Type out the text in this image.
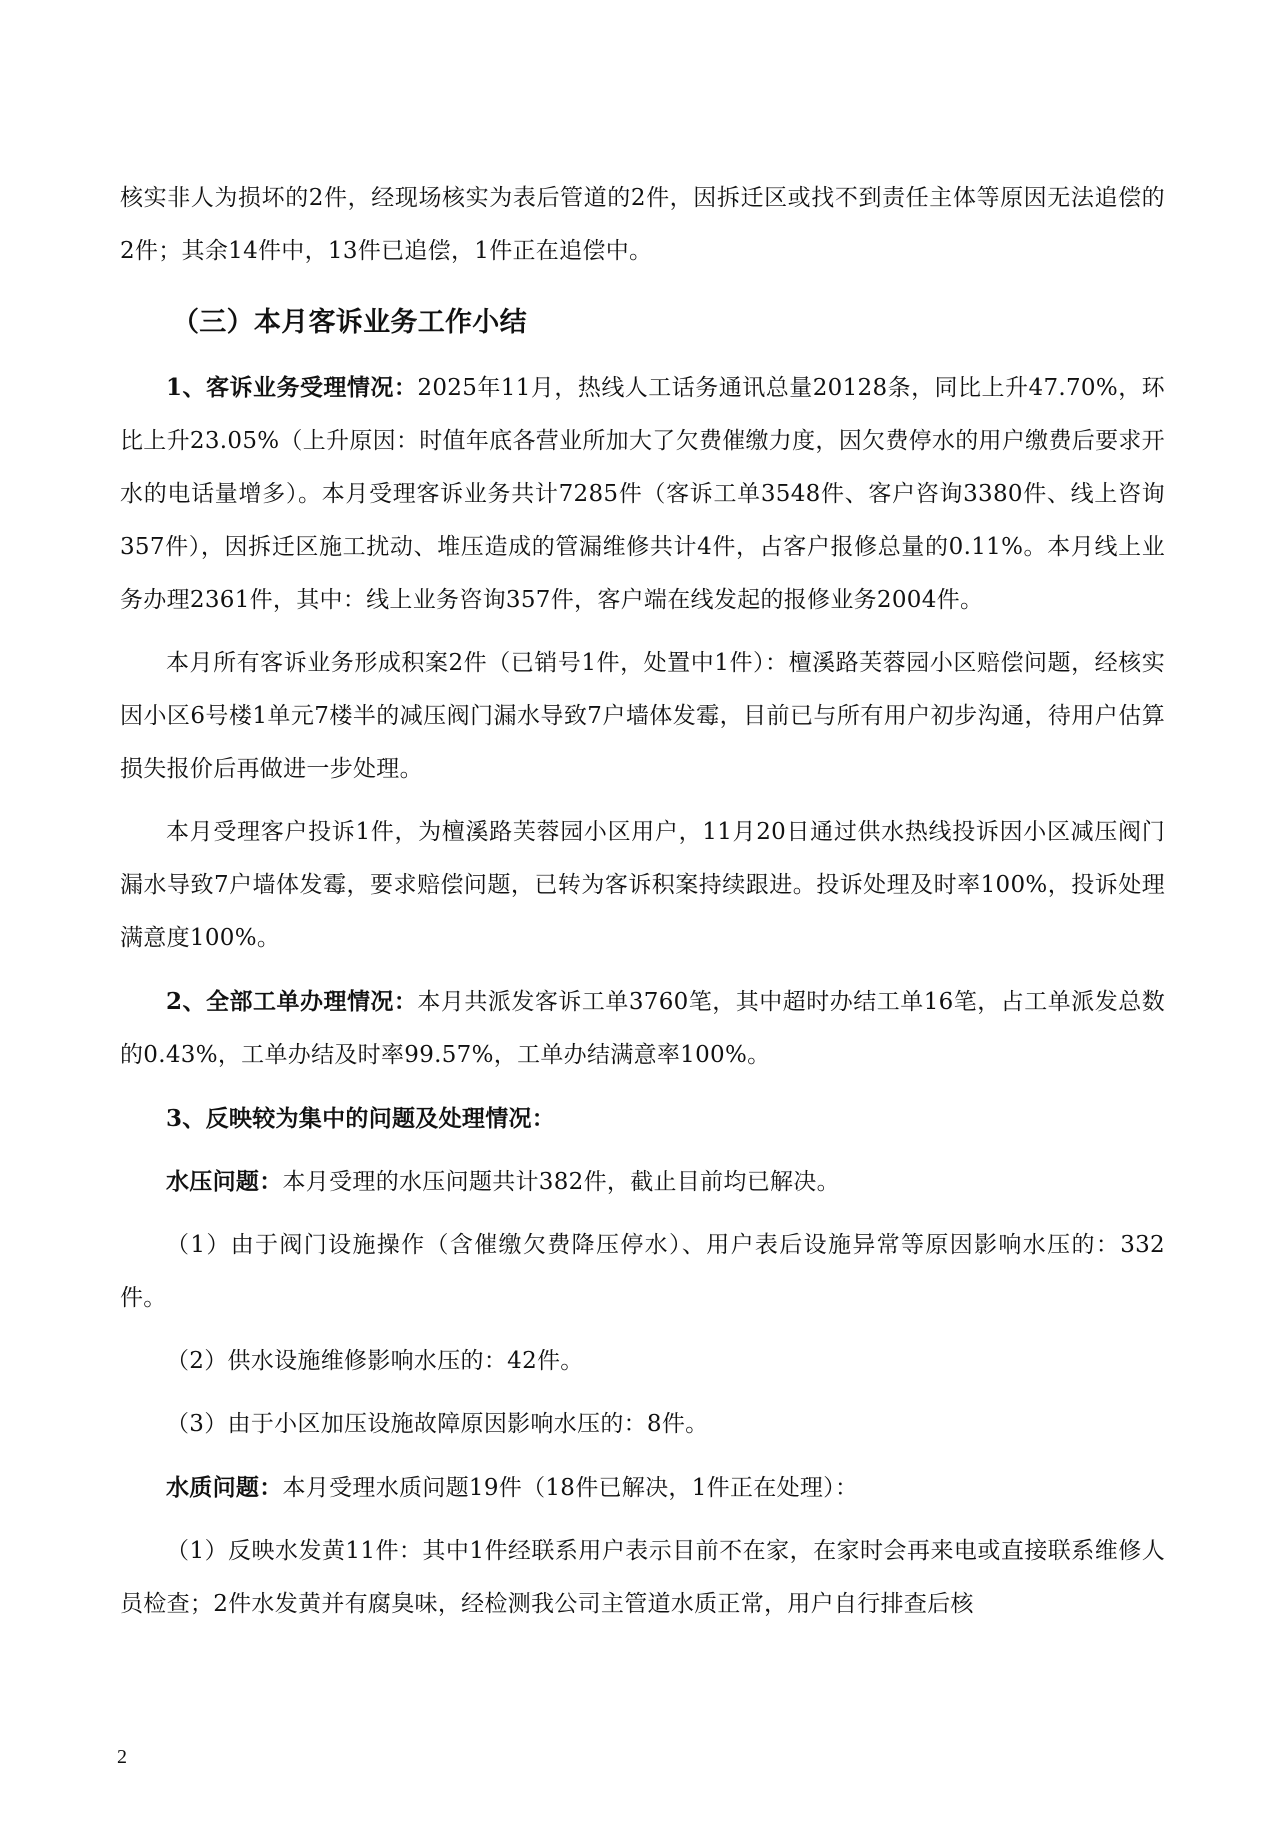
核实非人为损坏的2件，经现场核实为表后管道的2件，因拆迁区或找不到责任主体等原因无法追偿的2件；其余14件中，13件已追偿，1件正在追偿中。

（三）本月客诉业务工作小结

1、客诉业务受理情况：2025年11月，热线人工话务通讯总量20128条，同比上升47.70%，环比上升23.05%（上升原因：时值年底各营业所加大了欠费催缴力度，因欠费停水的用户缴费后要求开水的电话量增多）。本月受理客诉业务共计7285件（客诉工单3548件、客户咨询3380件、线上咨询357件），因拆迁区施工扰动、堆压造成的管漏维修共计4件，占客户报修总量的0.11%。本月线上业务办理2361件，其中：线上业务咨询357件，客户端在线发起的报修业务2004件。

本月所有客诉业务形成积案2件（已销号1件，处置中1件）：檀溪路芙蓉园小区赔偿问题，经核实因小区6号楼1单元7楼半的减压阀门漏水导致7户墙体发霉，目前已与所有用户初步沟通，待用户估算损失报价后再做进一步处理。

本月受理客户投诉1件，为檀溪路芙蓉园小区用户，11月20日通过供水热线投诉因小区减压阀门漏水导致7户墙体发霉，要求赔偿问题，已转为客诉积案持续跟进。投诉处理及时率100%，投诉处理满意度100%。

2、全部工单办理情况：本月共派发客诉工单3760笔，其中超时办结工单16笔，占工单派发总数的0.43%，工单办结及时率99.57%，工单办结满意率100%。

3、反映较为集中的问题及处理情况：

水压问题：本月受理的水压问题共计382件，截止目前均已解决。

（1）由于阀门设施操作（含催缴欠费降压停水）、用户表后设施异常等原因影响水压的：332件。

（2）供水设施维修影响水压的：42件。

（3）由于小区加压设施故障原因影响水压的：8件。

水质问题：本月受理水质问题19件（18件已解决，1件正在处理）：

（1）反映水发黄11件：其中1件经联系用户表示目前不在家，在家时会再来电或直接联系维修人员检查；2件水发黄并有腐臭味，经检测我公司主管道水质正常，用户自行排查后核

2
